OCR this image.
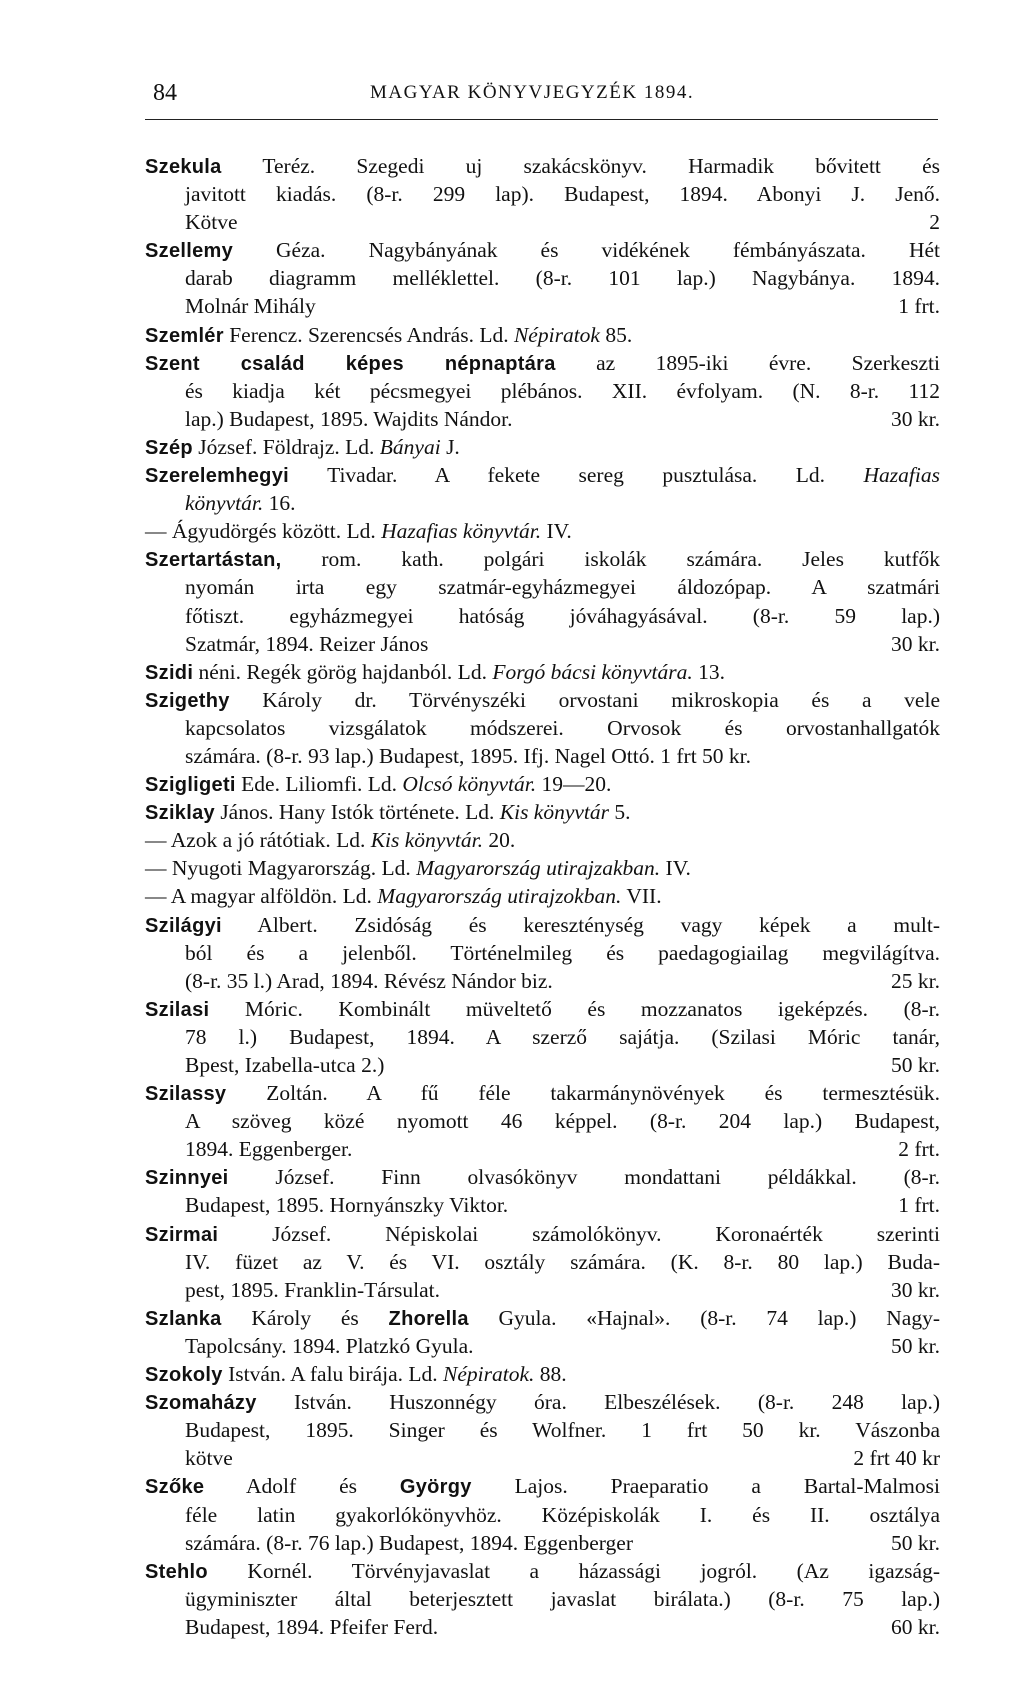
84	MAGYAR KÖNYVJEGYZÉK 1894.
Szekula Teréz. Szegedi uj szakácskönyv. Harmadik bővitett és
javitott kiadás. (8-r. 299 lap). Budapest, 1894. Abonyi J. Jenő.
Kötve	2
Szellemy Géza. Nagybányának és vidékének fémbányászata. Hét
darab diagramm melléklettel. (8-r. 101 lap.) Nagybánya. 1894.
Molnár Mihály	1 frt.
Szemlér Ferencz. Szerencsés András. Ld. Népiratok 85.
Szent család képes népnaptára az 1895-iki évre. Szerkeszti
és kiadja két pécsmegyei plébános. XII. évfolyam. (N. 8-r. 112
lap.) Budapest, 1895. Wajdits Nándor.	30 kr.
Szép József. Földrajz. Ld. Bányai J.
Szerelemhegyi Tivadar. A fekete sereg pusztulása. Ld. Hazafias
könyvtár. 16.
— Ágyudörgés között. Ld. Hazafias könyvtár. IV.
Szertartástan, rom. kath. polgári iskolák számára. Jeles kutfők
nyomán irta egy szatmár-egyházmegyei áldozópap. A szatmári
főtiszt. egyházmegyei hatóság jóváhagyásával. (8-r. 59 lap.)
Szatmár, 1894. Reizer János	30 kr.
Szidi néni. Regék görög hajdanból. Ld. Forgó bácsi könyvtára. 13.
Szigethy Károly dr. Törvényszéki orvostani mikroskopia és a vele
kapcsolatos vizsgálatok módszerei. Orvosok és orvostanhallgatók
számára. (8-r. 93 lap.) Budapest, 1895. Ifj. Nagel Ottó. 1 frt 50 kr.
Szigligeti Ede. Liliomfi. Ld. Olcsó könyvtár. 19—20.
Sziklay János. Hany Istók története. Ld. Kis könyvtár 5.
— Azok a jó rátótiak. Ld. Kis könyvtár. 20.
— Nyugoti Magyarország. Ld. Magyarország utirajzakban. IV.
— A magyar alföldön. Ld. Magyarország utirajzokban. VII.
Szilágyi Albert. Zsidóság és kereszténység vagy képek a mult-
ból és a jelenből. Történelmileg és paedagogiailag megvilágítva.
(8-r. 35 l.) Arad, 1894. Révész Nándor biz.	25 kr.
Szilasi Móric. Kombinált müveltető és mozzanatos igeképzés. (8-r.
78 l.) Budapest, 1894. A szerző sajátja. (Szilasi Móric tanár,
Bpest, Izabella-utca 2.)	50 kr.
Szilassy Zoltán. A fű féle takarmánynövények és termesztésük.
A szöveg közé nyomott 46 képpel. (8-r. 204 lap.) Budapest,
1894. Eggenberger.	2 frt.
Szinnyei József. Finn olvasókönyv mondattani példákkal. (8-r.
Budapest, 1895. Hornyánszky Viktor.	1 frt.
Szirmai József. Népiskolai számolókönyv. Koronaérték szerinti
IV. füzet az V. és VI. osztály számára. (K. 8-r. 80 lap.) Buda-
pest, 1895. Franklin-Társulat.	30 kr.
Szlanka Károly és Zhorella Gyula. «Hajnal». (8-r. 74 lap.) Nagy-
Tapolcsány. 1894. Platzkó Gyula.	50 kr.
Szokoly István. A falu birája. Ld. Népiratok. 88.
Szomaházy István. Huszonnégy óra. Elbeszélések. (8-r. 248 lap.)
Budapest, 1895. Singer és Wolfner. 1 frt 50 kr. Vászonba
kötve	2 frt 40 kr
Szőke Adolf és György Lajos. Praeparatio a Bartal-Malmosi
féle latin gyakorlókönyvhöz. Középiskolák I. és II. osztálya
számára. (8-r. 76 lap.) Budapest, 1894. Eggenberger	50 kr.
Stehlo Kornél. Törvényjavaslat a házassági jogról. (Az igazság-
ügyminiszter által beterjesztett javaslat birálata.) (8-r. 75 lap.)
Budapest, 1894. Pfeifer Ferd.	60 kr.
